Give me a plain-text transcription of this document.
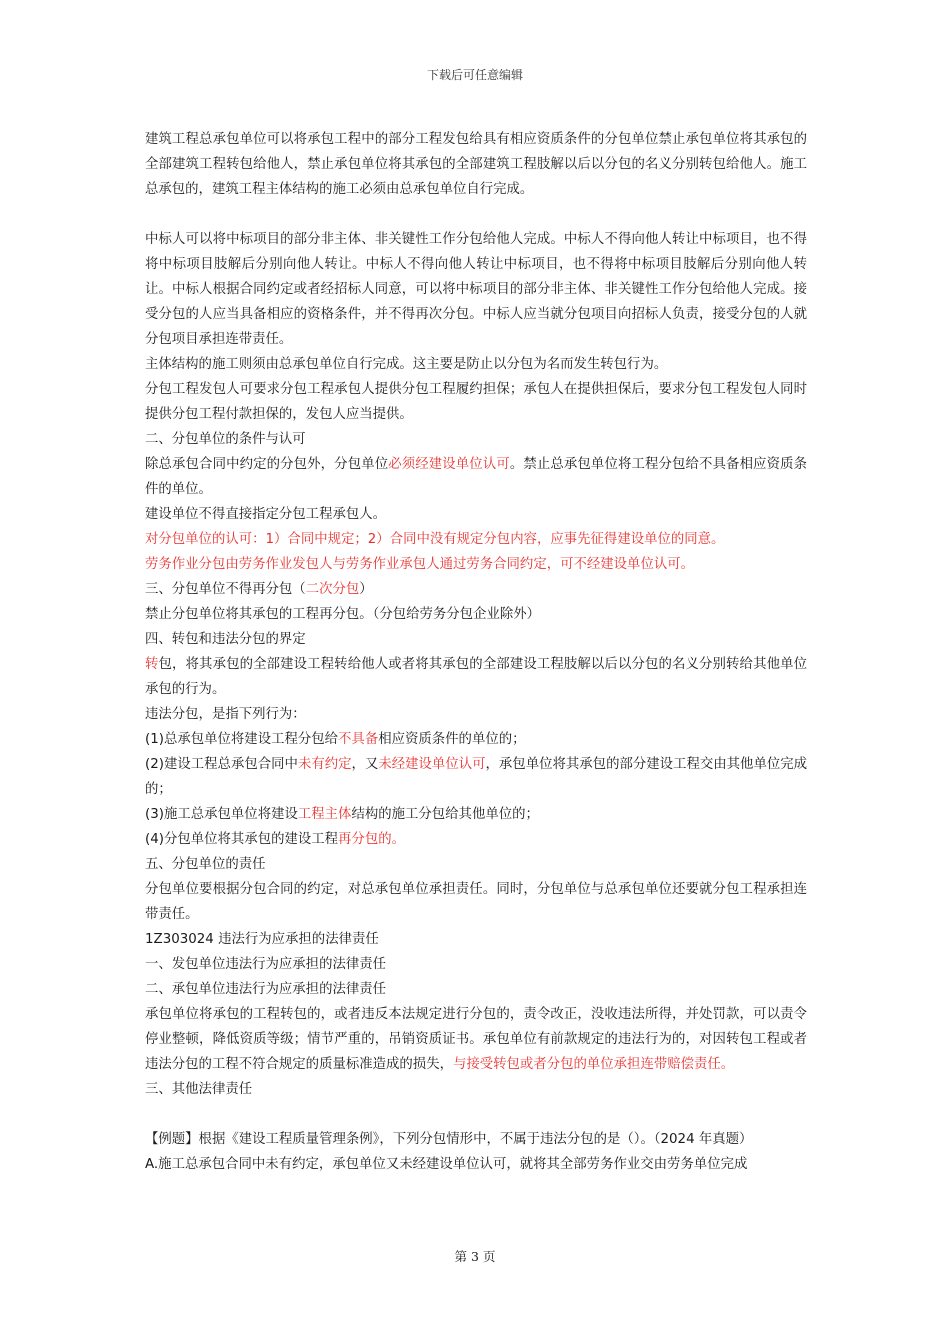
下载后可任意编辑
建筑工程总承包单位可以将承包工程中的部分工程发包给具有相应资质条件的分包单位禁止承包单位将其承包的全部建筑工程转包给他人，禁止承包单位将其承包的全部建筑工程肢解以后以分包的名义分别转包给他人。施工总承包的，建筑工程主体结构的施工必须由总承包单位自行完成。
中标人可以将中标项目的部分非主体、非关键性工作分包给他人完成。中标人不得向他人转让中标项目，也不得将中标项目肢解后分别向他人转让。中标人不得向他人转让中标项目，也不得将中标项目肢解后分别向他人转让。中标人根据合同约定或者经招标人同意，可以将中标项目的部分非主体、非关键性工作分包给他人完成。接受分包的人应当具备相应的资格条件，并不得再次分包。中标人应当就分包项目向招标人负责，接受分包的人就分包项目承担连带责任。
主体结构的施工则须由总承包单位自行完成。这主要是防止以分包为名而发生转包行为。
分包工程发包人可要求分包工程承包人提供分包工程履约担保；承包人在提供担保后，要求分包工程发包人同时提供分包工程付款担保的，发包人应当提供。
二、分包单位的条件与认可
除总承包合同中约定的分包外，分包单位必须经建设单位认可。禁止总承包单位将工程分包给不具备相应资质条件的单位。
建设单位不得直接指定分包工程承包人。
对分包单位的认可：1）合同中规定；2）合同中没有规定分包内容，应事先征得建设单位的同意。
劳务作业分包由劳务作业发包人与劳务作业承包人通过劳务合同约定，可不经建设单位认可。
三、分包单位不得再分包（二次分包）
禁止分包单位将其承包的工程再分包。（分包给劳务分包企业除外）
四、转包和违法分包的界定
转包，将其承包的全部建设工程转给他人或者将其承包的全部建设工程肢解以后以分包的名义分别转给其他单位承包的行为。
违法分包，是指下列行为：
(1)总承包单位将建设工程分包给不具备相应资质条件的单位的；
(2)建设工程总承包合同中未有约定，又未经建设单位认可，承包单位将其承包的部分建设工程交由其他单位完成的；
(3)施工总承包单位将建设工程主体结构的施工分包给其他单位的；
(4)分包单位将其承包的建设工程再分包的。
五、分包单位的责任
分包单位要根据分包合同的约定，对总承包单位承担责任。同时，分包单位与总承包单位还要就分包工程承担连带责任。
1Z303024 违法行为应承担的法律责任
一、发包单位违法行为应承担的法律责任
二、承包单位违法行为应承担的法律责任
承包单位将承包的工程转包的，或者违反本法规定进行分包的，责令改正，没收违法所得，并处罚款，可以责令停业整顿，降低资质等级；情节严重的，吊销资质证书。承包单位有前款规定的违法行为的，对因转包工程或者违法分包的工程不符合规定的质量标准造成的损失，与接受转包或者分包的单位承担连带赔偿责任。
三、其他法律责任
【例题】根据《建设工程质量管理条例》，下列分包情形中，不属于违法分包的是（）。（2024 年真题）
A.施工总承包合同中未有约定，承包单位又未经建设单位认可，就将其全部劳务作业交由劳务单位完成
第 3 页
